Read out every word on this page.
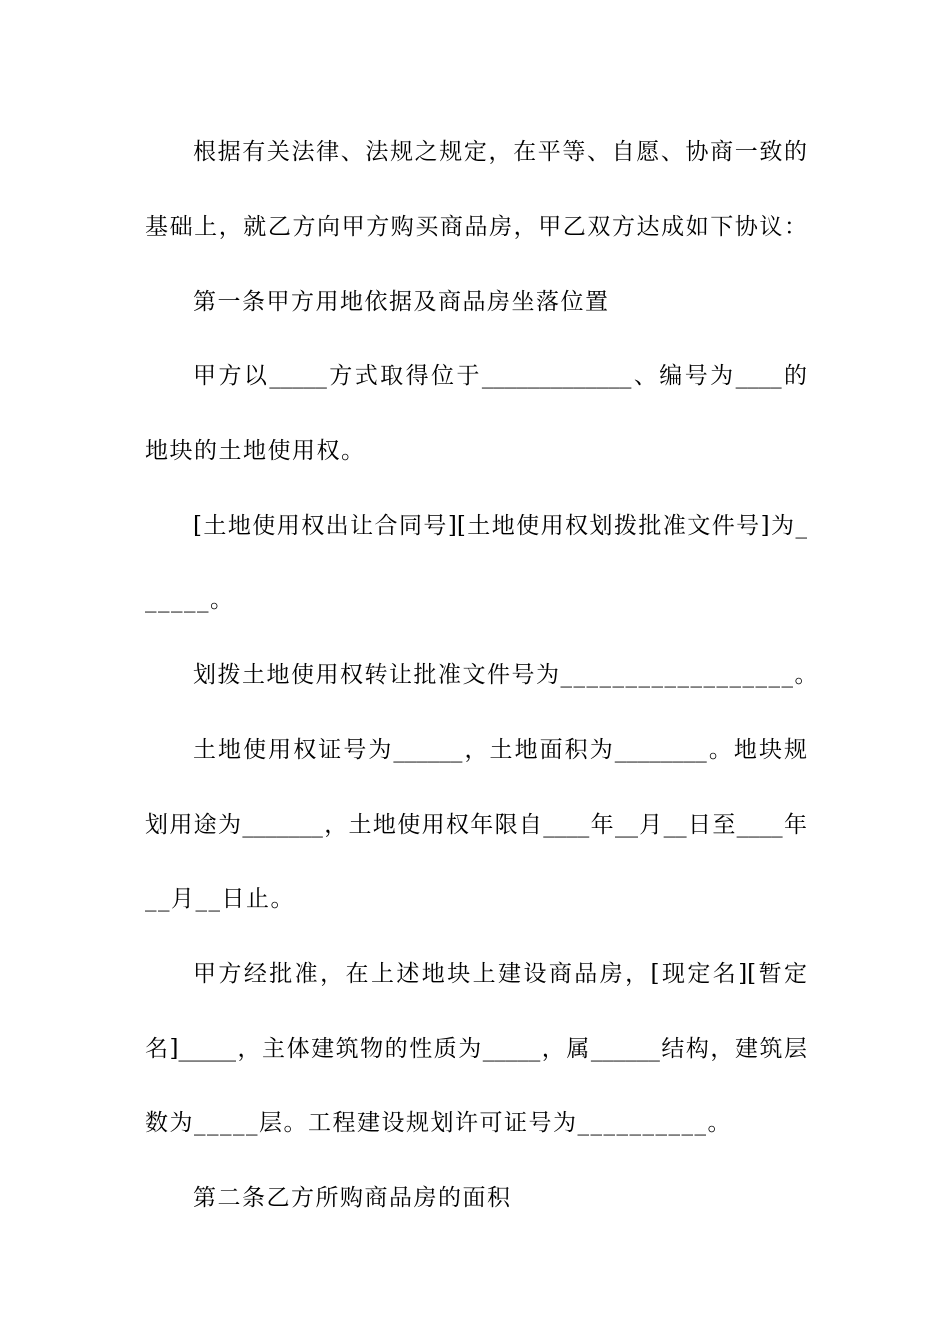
根据有关法律、法规之规定，在平等、自愿、协商一致的
基础上，就乙方向甲方购买商品房，甲乙双方达成如下协议：
第一条甲方用地依据及商品房坐落位置
甲方以_____方式取得位于_____________、编号为____的
地块的土地使用权。
[土地使用权出让合同号][土地使用权划拨批准文件号]为_
_____。
划拨土地使用权转让批准文件号为__________________。
土地使用权证号为______，土地面积为________。地块规
划用途为_______，土地使用权年限自____年__月__日至____年
__月__日止。
甲方经批准，在上述地块上建设商品房，[现定名][暂定
名]_____，主体建筑物的性质为_____，属______结构，建筑层
数为_____层。工程建设规划许可证号为__________。
第二条乙方所购商品房的面积
